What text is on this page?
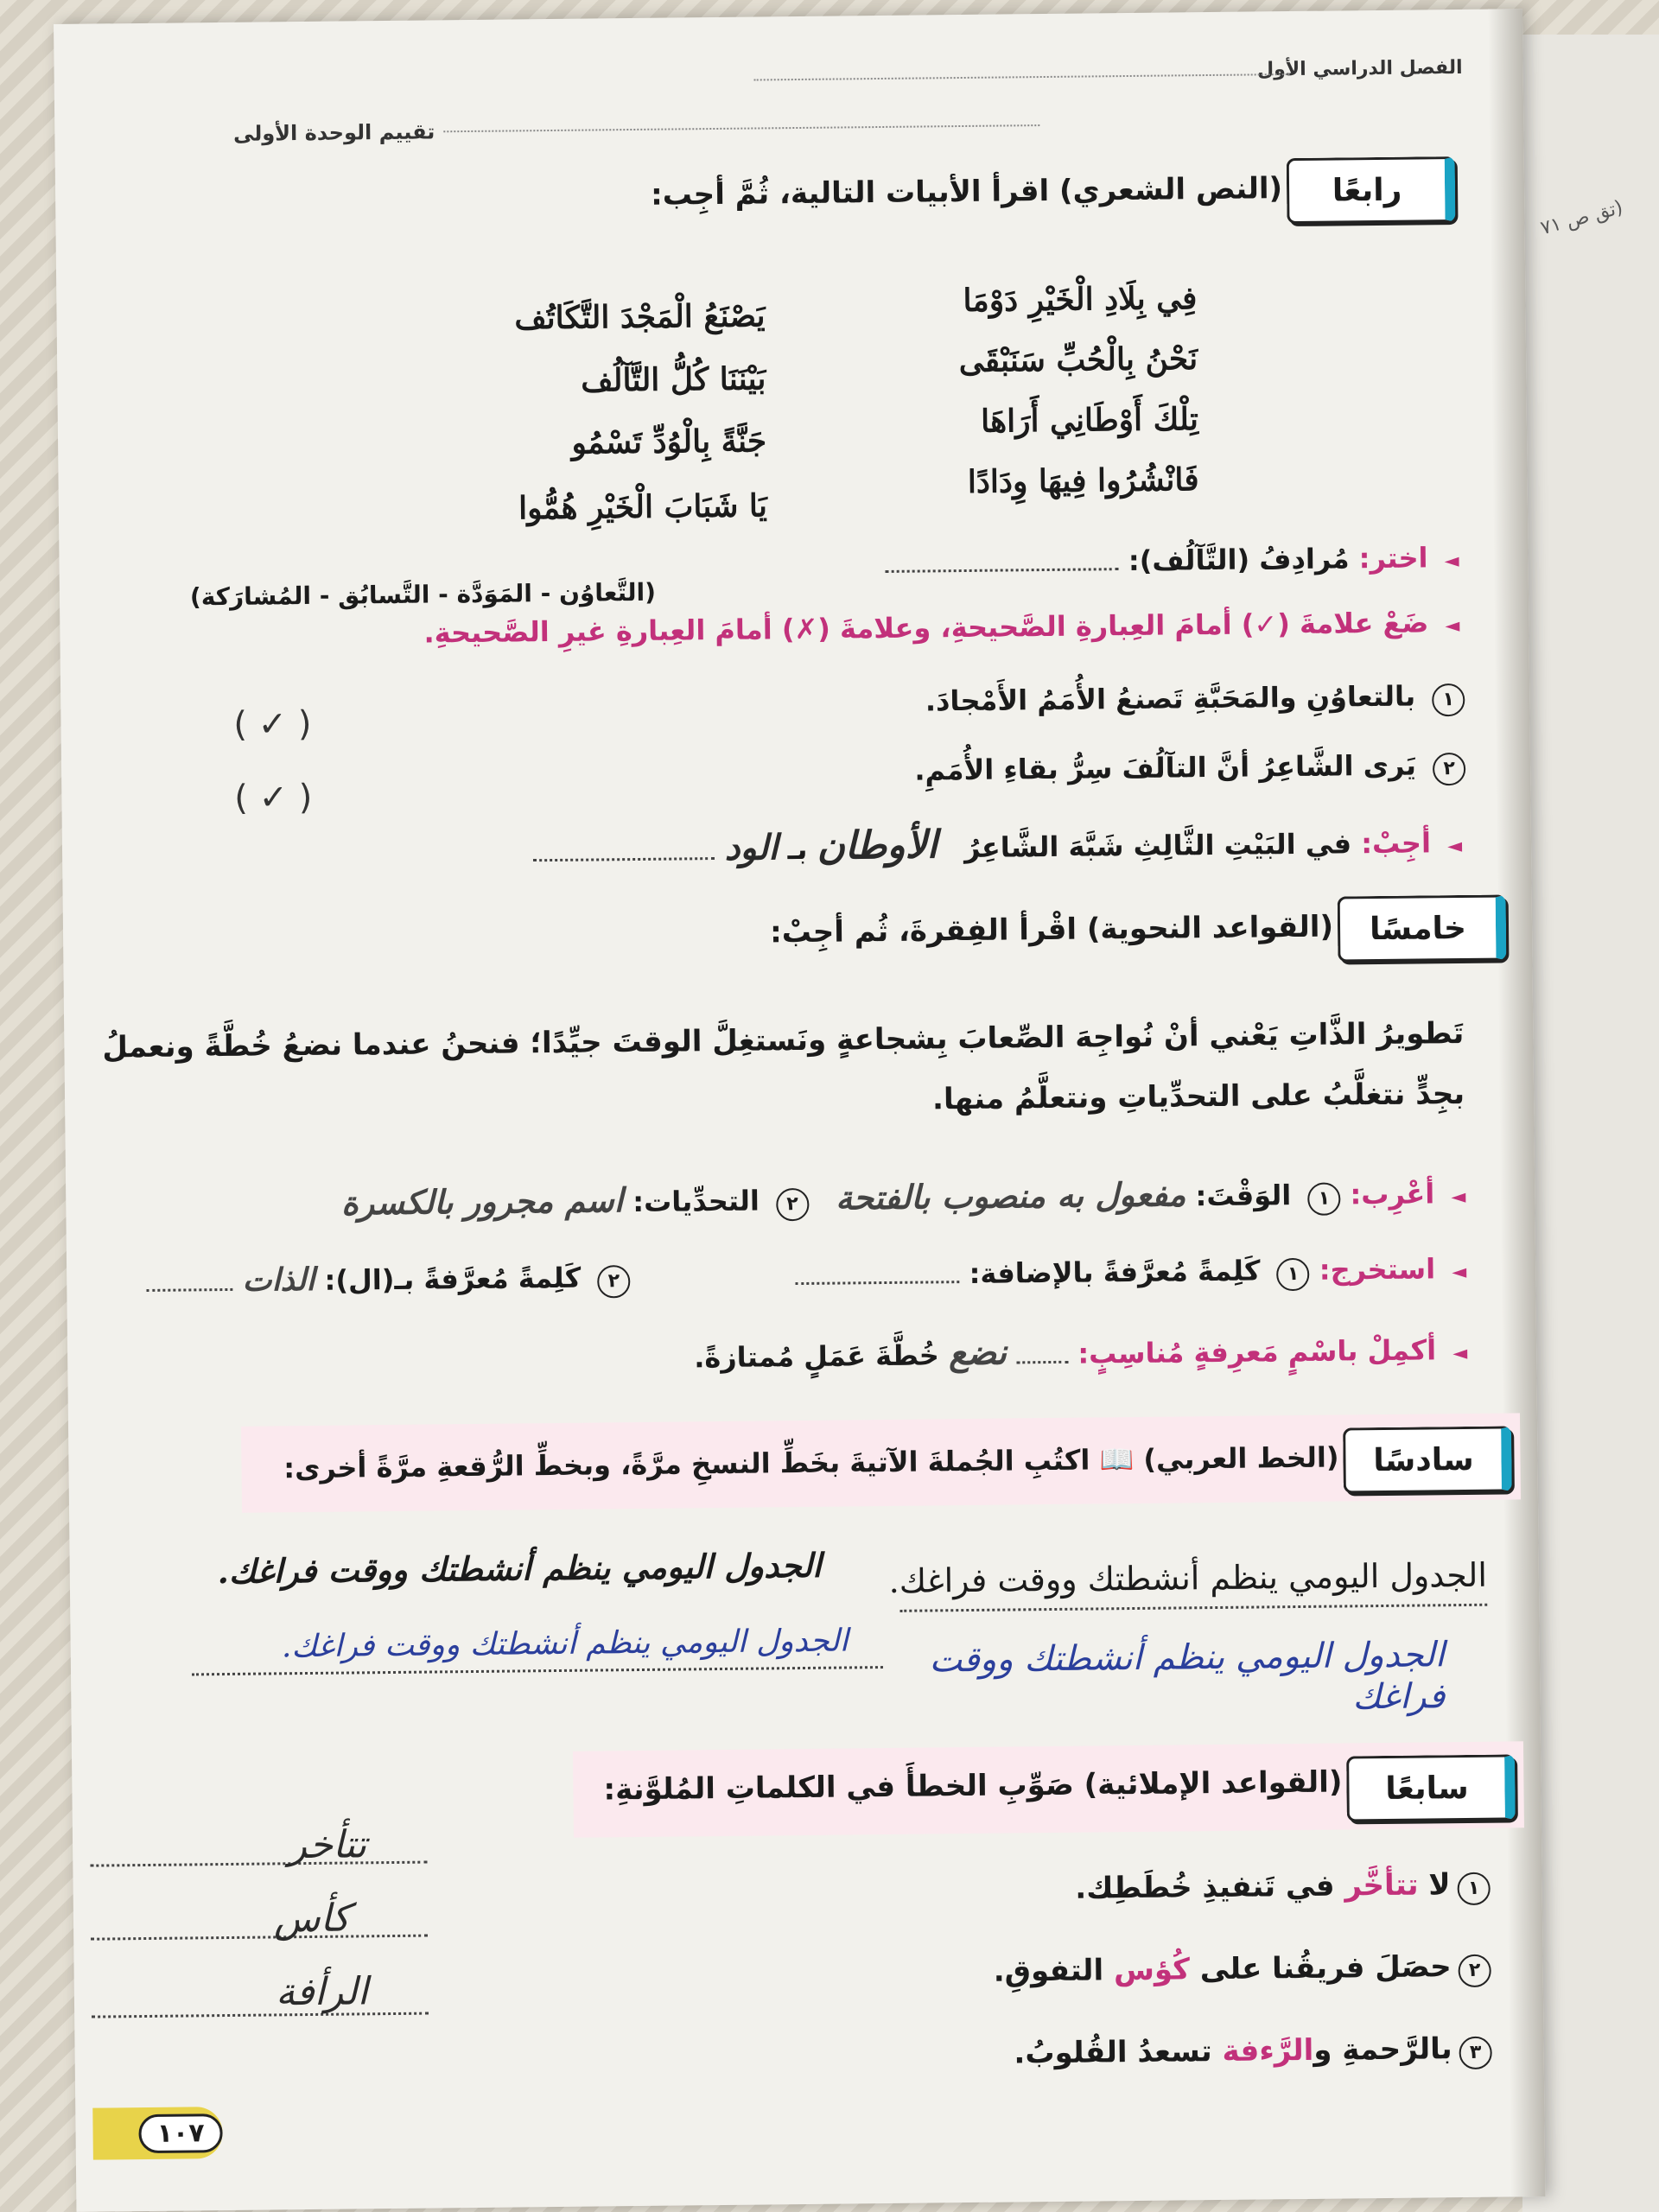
تق ص ٧١)
الفصل الدراسي الأول
تقييم الوحدة الأولى
رابعًا
(النص الشعري) اقرأ الأبيات التالية، ثُمَّ أجِب:
فِي بِلَادِ الْخَيْرِ دَوْمَا
يَصْنَعُ الْمَجْدَ التَّكَاتُف
نَحْنُ بِالْحُبِّ سَنَبْقَى
بَيْنَنَا كُلُّ التَّآلُف
تِلْكَ أَوْطَانِي أَرَاهَا
جَنَّةً بِالْوُدِّ تَسْمُو
فَانْشُرُوا فِيهَا وِدَادًا
يَا شَبَابَ الْخَيْرِ هُمُّوا
◄ اختر: مُرادِفُ (التَّآلُف):
(التَّعاوُن - المَوَدَّة - التَّسابُق - المُشارَكة)
◄ ضَعْ علامةَ (✓) أمامَ العِبارةِ الصَّحيحةِ، وعلامةَ (✗) أمامَ العِبارةِ غيرِ الصَّحيحةِ.
١ بالتعاوُنِ والمَحَبَّةِ تَصنعُ الأُمَمُ الأَمْجادَ.
( ✓ )
٢ يَرى الشَّاعِرُ أنَّ التآلُفَ سِرُّ بقاءِ الأُمَمِ.
( ✓ )
◄ أجِبْ: في البَيْتِ الثَّالِثِ شَبَّهَ الشَّاعِرُ الأوطان بـ الود
خامسًا
(القواعد النحوية) اقْرأ الفِقرةَ، ثُم أجِبْ:
تَطويرُ الذَّاتِ يَعْني أنْ نُواجِهَ الصِّعابَ بِشجاعةٍ ونَستغِلَّ الوقتَ جيِّدًا؛ فنحنُ عندما نضعُ خُطَّةً ونعملُ
بجِدٍّ نتغلَّبُ على التحدِّياتِ ونتعلَّمُ منها.
◄ أعْرِب: ١ الوَقْتَ: مفعول به منصوب بالفتحة ٢ التحدِّيات: اسم مجرور بالكسرة
◄ استخرج: ١ كَلِمةً مُعرَّفةً بالإضافة:  ٢ كَلِمةً مُعرَّفةً بـ(ال): الذات
◄ أكمِلْ باسْمٍ مَعرِفةٍ مُناسِبٍ:  نضع خُطَّةَ عَمَلٍ مُمتازةً.
سادسًا
(الخط العربي) 📖 اكتُبِ الجُملةَ الآتيةَ بخَطِّ النسخِ مرَّةً، وبخطِّ الرُّقعةِ مرَّةً أخرى:
الجدول اليومي ينظم أنشطتك ووقت فراغك.
الجدول اليومي ينظم أنشطتك ووقت فراغك.
الجدول اليومي ينظم أنشطتك ووقت فراغك
الجدول اليومي ينظم أنشطتك ووقت فراغك.
سابعًا
(القواعد الإملائية) صَوِّبِ الخطأَ في الكلماتِ المُلوَّنةِ:
١لا تتأخَّر في تَنفيذِ خُطَطِك.
٢حصَلَ فريقُنا على كُؤس التفوقِ.
٣بالرَّحمةِ والرَّءفة تسعدُ القُلوبُ.
تتأخر
كأس
الرأفة
١٠٧
